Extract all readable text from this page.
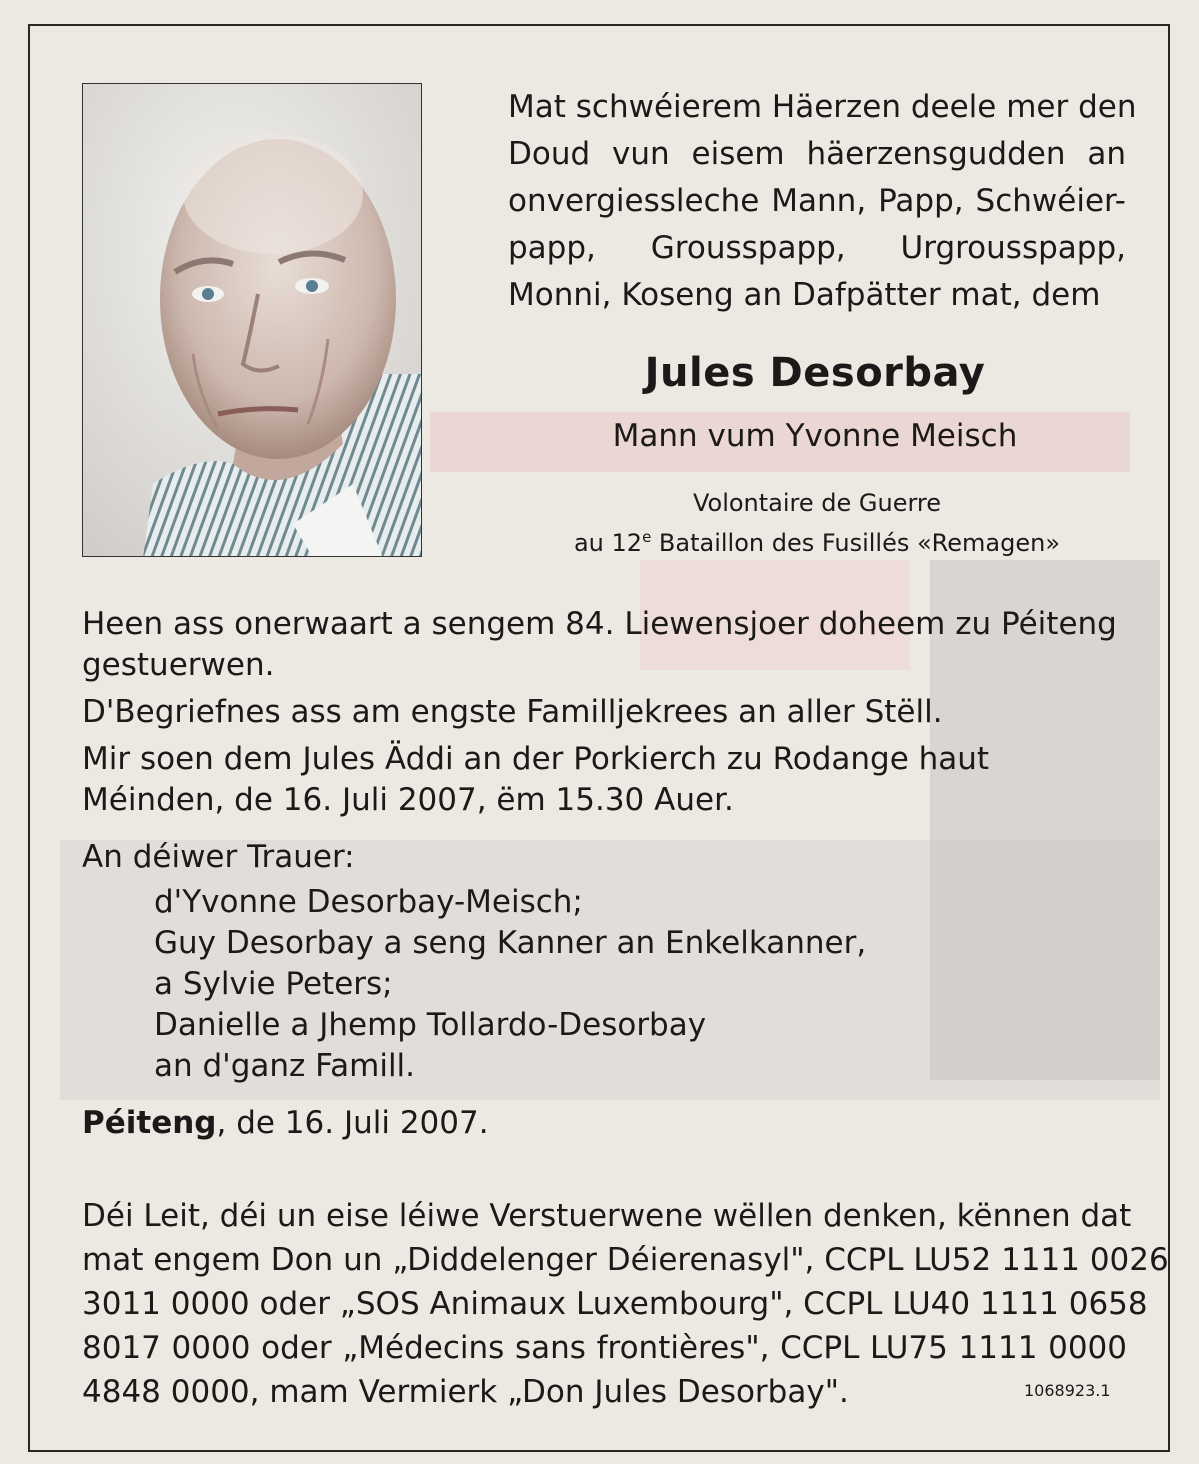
Mat schwéierem Häerzen deele mer den
Doud vun eisem häerzensgudden an
onvergiessleche Mann, Papp, Schwéier-
papp, Grousspapp, Urgrousspapp,
Monni, Koseng an Dafpätter mat, dem
Jules Desorbay
Mann vum Yvonne Meisch
Volontaire de Guerre
au 12e Bataillon des Fusillés «Remagen»

Heen ass onerwaart a sengem 84. Liewensjoer doheem zu Péiteng gestuerwen.

D'Begriefnes ass am engste Familljekrees an aller Stëll.

Mir soen dem Jules Äddi an der Porkierch zu Rodange haut Méinden, de 16. Juli 2007, ëm 15.30 Auer.

An déiwer Trauer:

d'Yvonne Desorbay-Meisch;
Guy Desorbay a seng Kanner an Enkelkanner,
a Sylvie Peters;
Danielle a Jhemp Tollardo-Desorbay
an d'ganz Famill.

Péiteng, de 16. Juli 2007.

Déi Leit, déi un eise léiwe Verstuerwene wëllen denken, kënnen dat
mat engem Don un „Diddelenger Déierenasyl", CCPL LU52 1111 0026
3011 0000 oder „SOS Animaux Luxembourg", CCPL LU40 1111 0658
8017 0000 oder „Médecins sans frontières", CCPL LU75 1111 0000
4848 0000, mam Vermierk „Don Jules Desorbay".	1068923.1
